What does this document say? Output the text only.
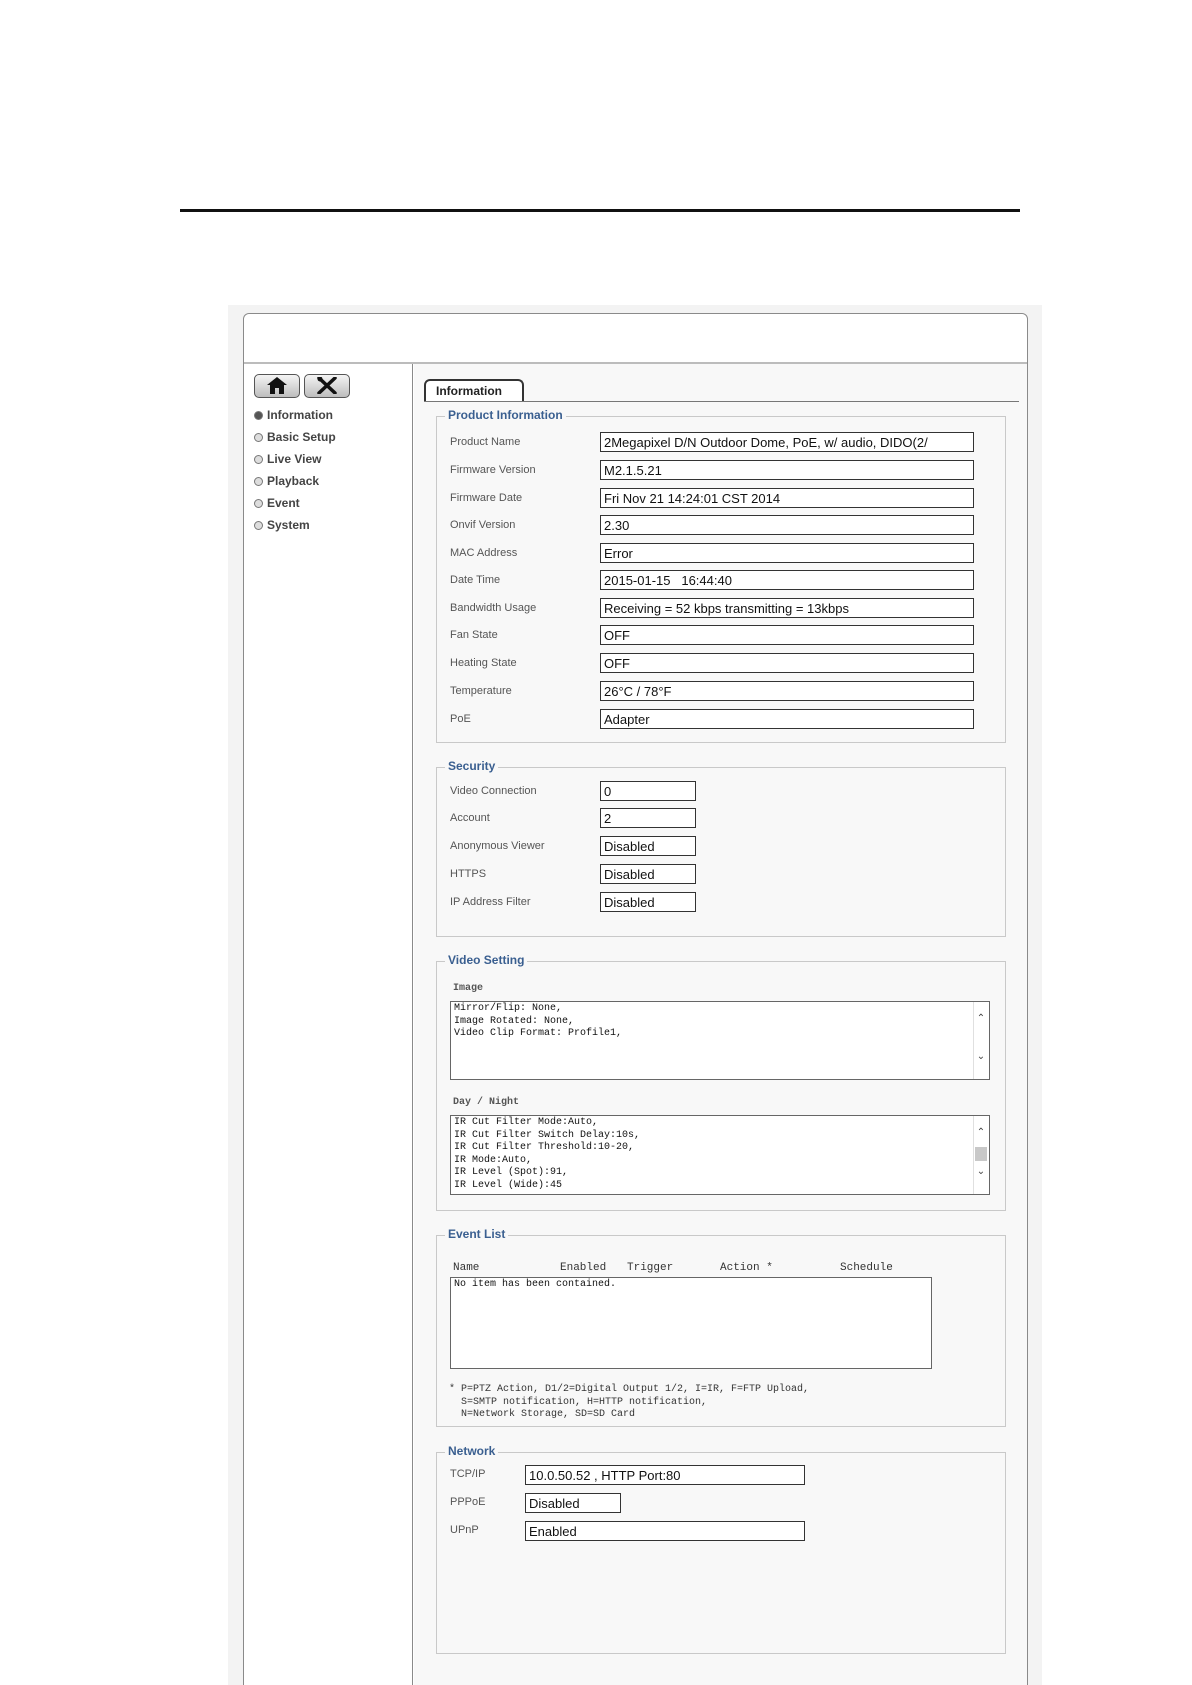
Information
Basic Setup
Live View
Playback
Event
System
Information
Product Information
Product Name	2Megapixel D/N Outdoor Dome, PoE, w/ audio, DIDO(2/
Firmware Version	M2.1.5.21
Firmware Date	Fri Nov 21 14:24:01 CST 2014
Onvif Version	2.30
MAC Address	Error
Date Time	2015-01-15   16:44:40
Bandwidth Usage	Receiving = 52 kbps transmitting = 13kbps
Fan State	OFF
Heating State	OFF
Temperature	26°C / 78°F
PoE	Adapter
Security
Video Connection	0
Account	2
Anonymous Viewer	Disabled
HTTPS	Disabled
IP Address Filter	Disabled
Video Setting
Image
Mirror/Flip: None,
Image Rotated: None,
Video Clip Format: Profile1,
⌃
⌄
Day / Night
IR Cut Filter Mode:Auto,
IR Cut Filter Switch Delay:10s,
IR Cut Filter Threshold:10-20,
IR Mode:Auto,
IR Level (Spot):91,
IR Level (Wide):45
⌃
⌄
Event List
Name	Enabled Trigger	Action *	Schedule
No item has been contained.
* P=PTZ Action, D1/2=Digital Output 1/2, I=IR, F=FTP Upload,
S=SMTP notification, H=HTTP notification,
N=Network Storage, SD=SD Card
Network
TCP/IP	10.0.50.52 , HTTP Port:80
PPPoE	Disabled
UPnP	Enabled
